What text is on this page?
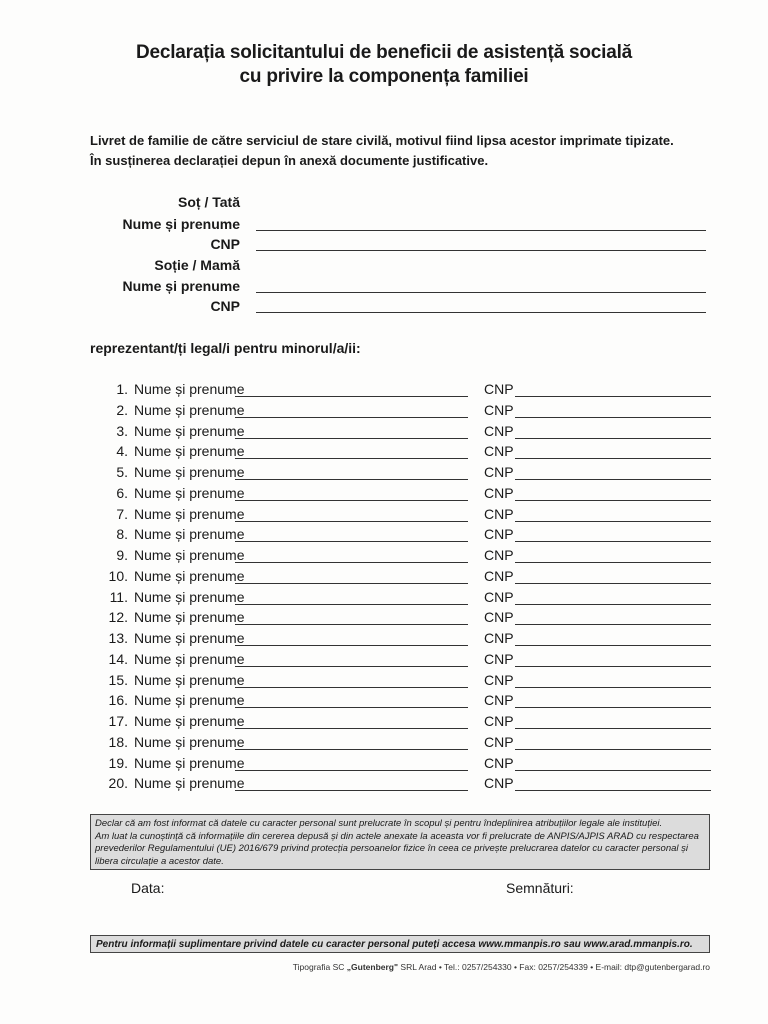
Declarația solicitantului de beneficii de asistență socială
cu privire la componența familiei
Livret de familie de către serviciul de stare civilă, motivul fiind lipsa acestor imprimate tipizate.
În susținerea declarației depun în anexă documente justificative.
Soț / Tată
Nume și prenume
CNP
Soție / Mamă
Nume și prenume
CNP
reprezentant/ți legal/i pentru minorul/a/ii:
1. Nume și prenume	CNP
2. Nume și prenume	CNP
3. Nume și prenume	CNP
4. Nume și prenume	CNP
5. Nume și prenume	CNP
6. Nume și prenume	CNP
7. Nume și prenume	CNP
8. Nume și prenume	CNP
9. Nume și prenume	CNP
10. Nume și prenume	CNP
11. Nume și prenume	CNP
12. Nume și prenume	CNP
13. Nume și prenume	CNP
14. Nume și prenume	CNP
15. Nume și prenume	CNP
16. Nume și prenume	CNP
17. Nume și prenume	CNP
18. Nume și prenume	CNP
19. Nume și prenume	CNP
20. Nume și prenume	CNP
Declar că am fost informat că datele cu caracter personal sunt prelucrate în scopul și pentru îndeplinirea atribuțiilor legale ale instituției.
Am luat la cunoștință că informațiile din cererea depusă și din actele anexate la aceasta vor fi prelucrate de ANPIS/AJPIS ARAD cu respectarea
prevederilor Regulamentului (UE) 2016/679 privind protecția persoanelor fizice în ceea ce privește prelucrarea datelor cu caracter personal și
libera circulație a acestor date.
Data:	Semnături:
Pentru informații suplimentare privind datele cu caracter personal puteți accesa www.mmanpis.ro sau www.arad.mmanpis.ro.
Tipografia SC „Gutenberg" SRL Arad • Tel.: 0257/254330 • Fax: 0257/254339 • E-mail: dtp@gutenbergarad.ro
